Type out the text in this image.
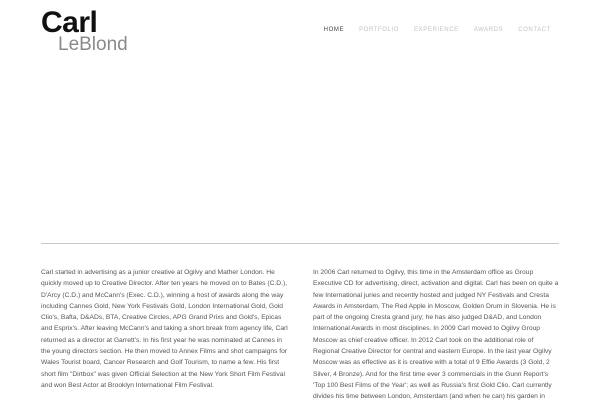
Carl
LeBlond
HOME	PORTFOLIO	EXPERIENCE	AWARDS	CONTACT

Carl started in advertising as a junior creative at Ogilvy and Mather London. He quickly moved up to Creative Director. After ten years he moved on to Bates (C.D.), D'Arcy (C.D.) and McCann's (Exec. C.D.), winning a host of awards along the way including Cannes Gold, New York Festivals Gold, London International Gold, Gold Clio's, Bafta, D&ADs, BTA, Creative Circles, APG Grand Prixs and Gold's, Epicas and Esprix's. After leaving McCann's and taking a short break from agency life, Carl returned as a director at Garrett's. In his first year he was nominated at Cannes in the young directors section. He then moved to Annex Films and shot campaigns for Wales Tourist board, Cancer Research and Golf Tourism, to name a few. His first short film "Dirtbox" was given Official Selection at the New York Short Film Festival and won Best Actor at Brooklyn International Film Festival.

In 2006 Carl returned to Ogilvy, this time in the Amsterdam office as Group Executive CD for advertising, direct, activation and digital. Carl has been on quite a few International juries and recently hosted and judged NY Festivals and Cresta Awards in Amsterdam, The Red Apple in Moscow, Golden Drum in Slovenia. He is part of the ongoing Cresta grand jury; he has also judged D&AD, and London International Awards in most disciplines. In 2009 Carl moved to Ogilvy Group Moscow as chief creative officer. In 2012 Carl took on the additional role of Regional Creative Director for central and eastern Europe. In the last year Ogilvy Moscow was as effective as it is creative with a total of 9 Effie Awards (3 Gold, 2 Silver, 4 Bronze). And for the first time ever 3 commercials in the Gunn Report's 'Top 100 Best Films of the Year'; as well as Russia's first Gold Clio. Carl currently divides his time between London, Amsterdam (and when he can) his garden in
